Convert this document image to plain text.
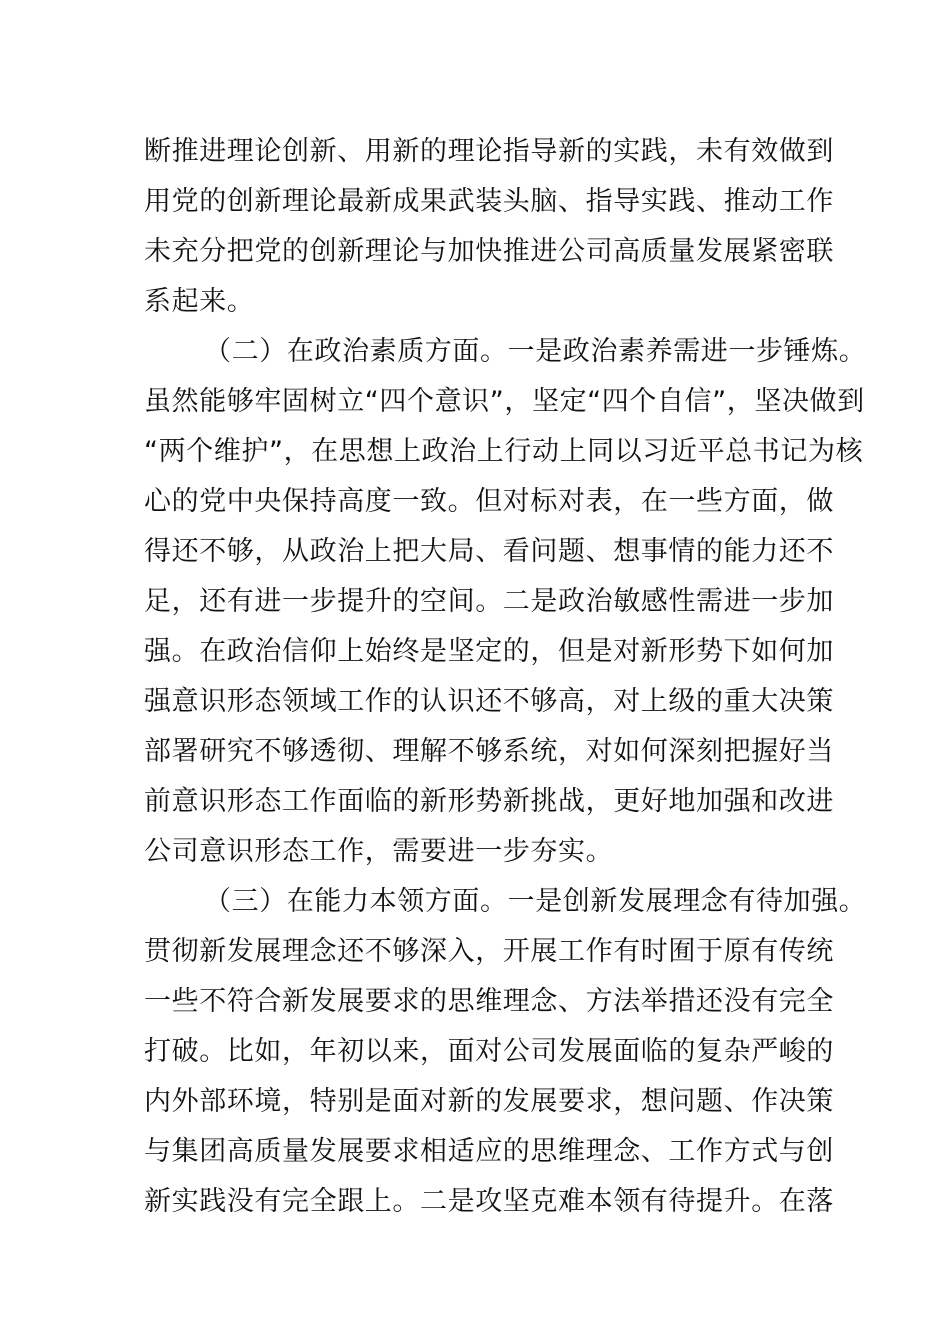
断推进理论创新、用新的理论指导新的实践，未有效做到
用党的创新理论最新成果武装头脑、指导实践、推动工作
未充分把党的创新理论与加快推进公司高质量发展紧密联
系起来。
（二）在政治素质方面。一是政治素养需进一步锤炼。
虽然能够牢固树立“四个意识”，坚定“四个自信”，坚决做到
“两个维护”，在思想上政治上行动上同以习近平总书记为核
心的党中央保持高度一致。但对标对表，在一些方面，做
得还不够，从政治上把大局、看问题、想事情的能力还不
足，还有进一步提升的空间。二是政治敏感性需进一步加
强。在政治信仰上始终是坚定的，但是对新形势下如何加
强意识形态领域工作的认识还不够高，对上级的重大决策
部署研究不够透彻、理解不够系统，对如何深刻把握好当
前意识形态工作面临的新形势新挑战，更好地加强和改进
公司意识形态工作，需要进一步夯实。
（三）在能力本领方面。一是创新发展理念有待加强。
贯彻新发展理念还不够深入，开展工作有时囿于原有传统
一些不符合新发展要求的思维理念、方法举措还没有完全
打破。比如，年初以来，面对公司发展面临的复杂严峻的
内外部环境，特别是面对新的发展要求，想问题、作决策
与集团高质量发展要求相适应的思维理念、工作方式与创
新实践没有完全跟上。二是攻坚克难本领有待提升。在落
